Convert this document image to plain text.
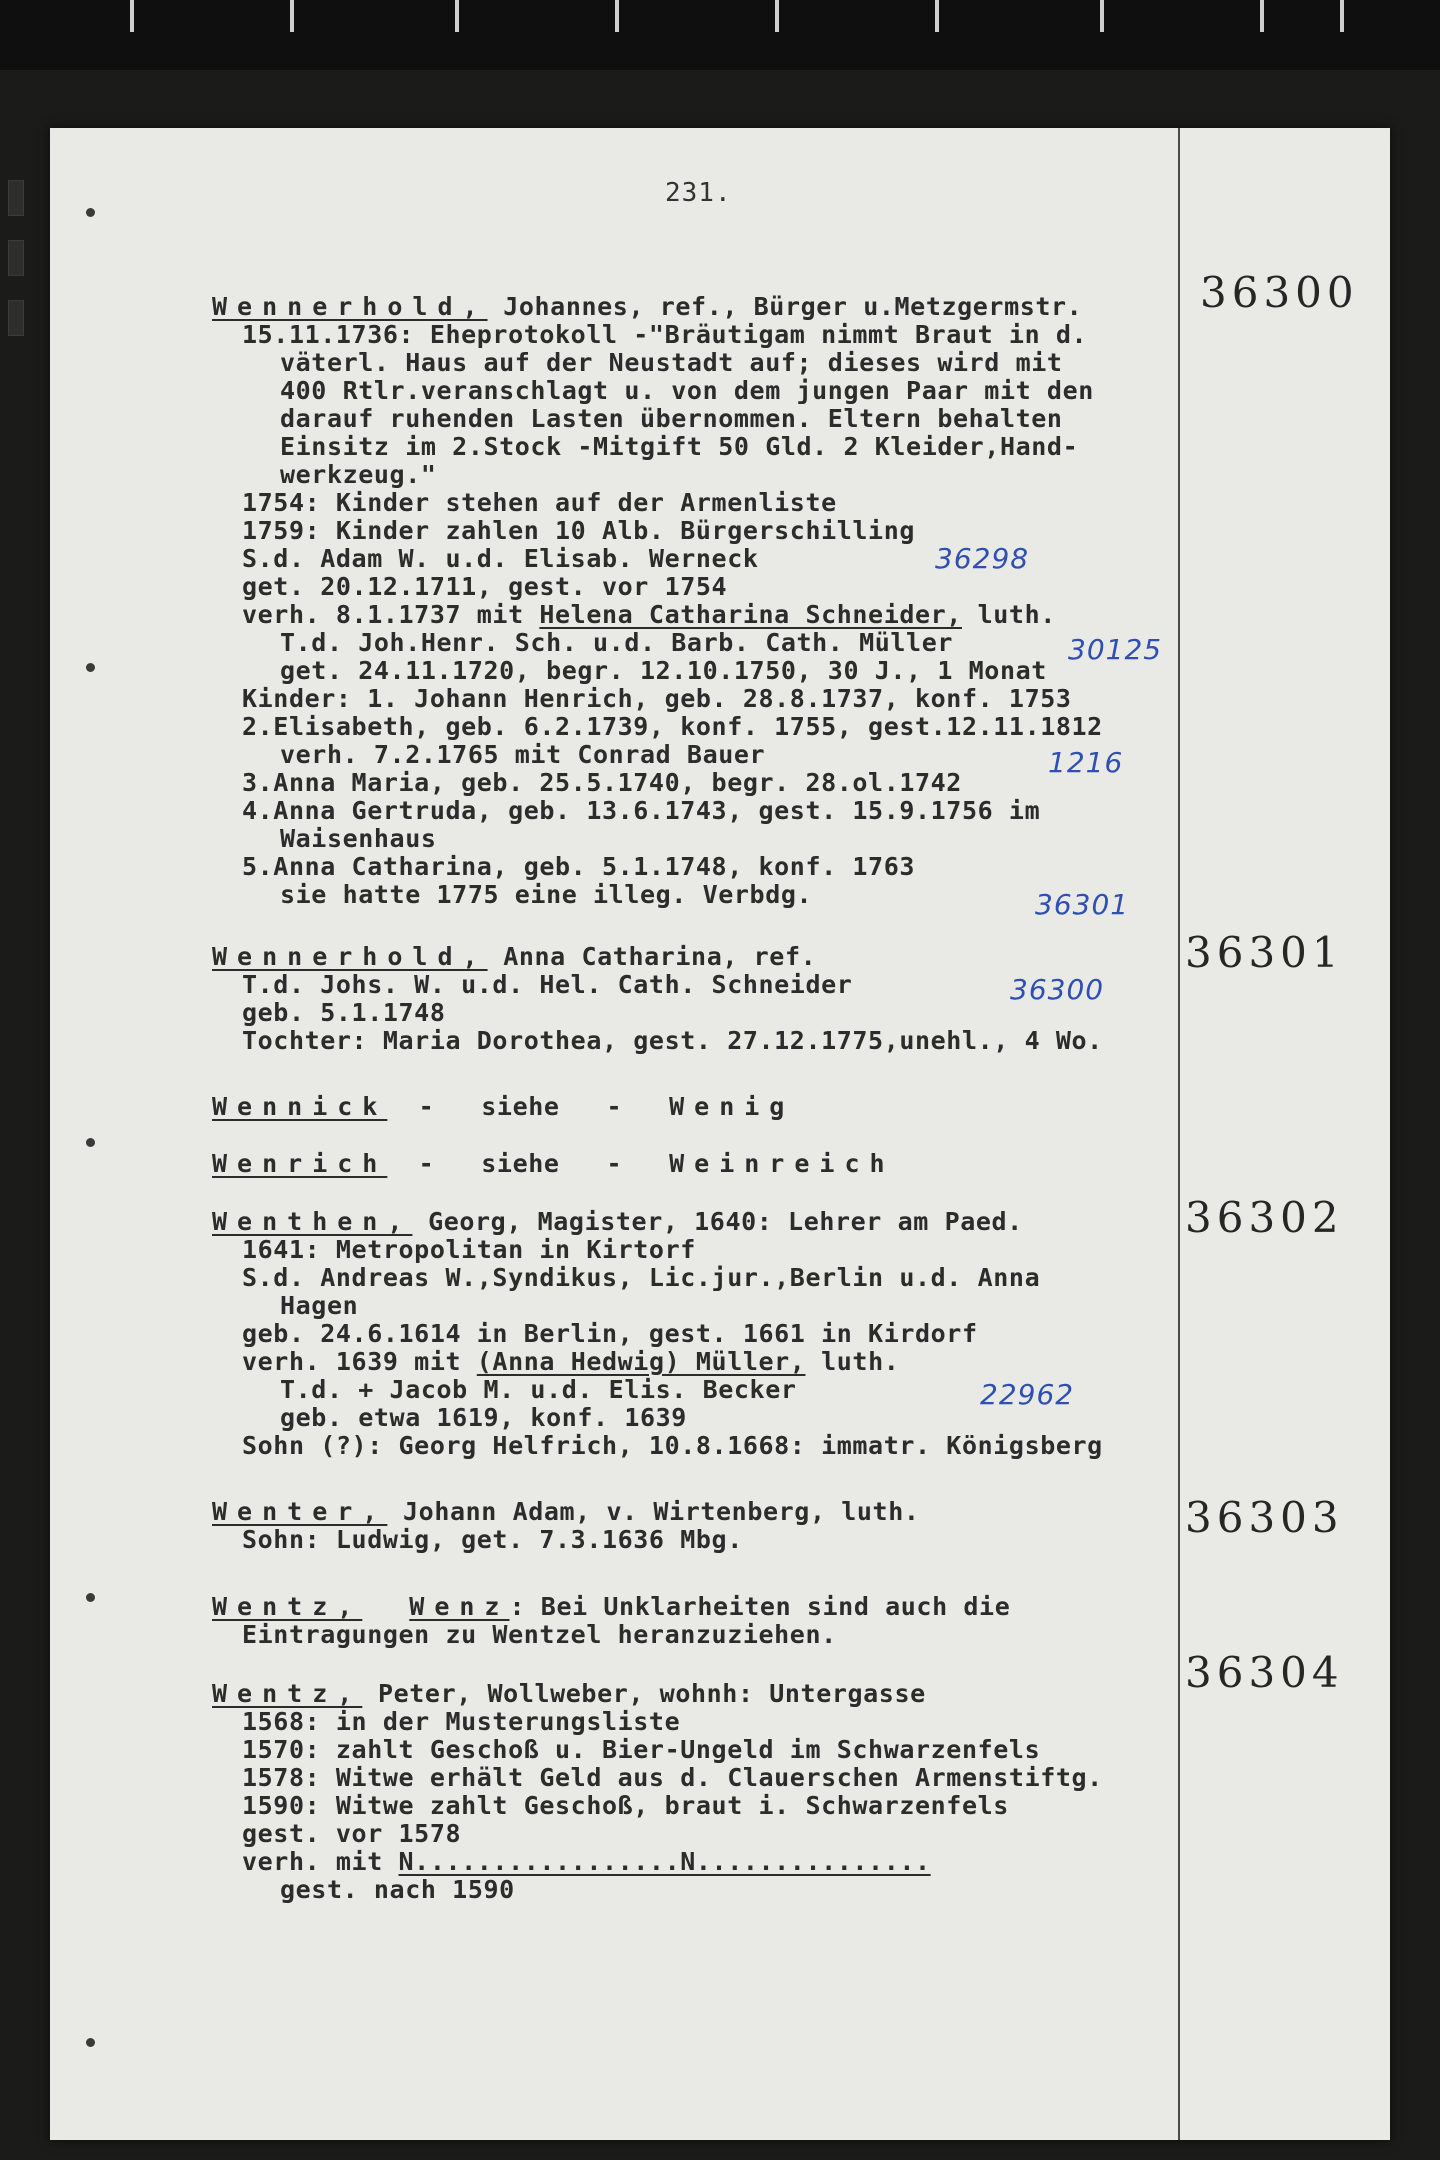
231.
Wennerhold, Johannes, ref., Bürger u.Metzgermstr.
15.11.1736: Eheprotokoll -"Bräutigam nimmt Braut in d.
väterl. Haus auf der Neustadt auf; dieses wird mit
400 Rtlr.veranschlagt u. von dem jungen Paar mit den
darauf ruhenden Lasten übernommen. Eltern behalten
Einsitz im 2.Stock -Mitgift 50 Gld. 2 Kleider,Hand-
werkzeug."
1754: Kinder stehen auf der Armenliste
1759: Kinder zahlen 10 Alb. Bürgerschilling
S.d. Adam W. u.d. Elisab. Werneck
get. 20.12.1711, gest. vor 1754
verh. 8.1.1737 mit Helena Catharina Schneider, luth.
T.d. Joh.Henr. Sch. u.d. Barb. Cath. Müller
get. 24.11.1720, begr. 12.10.1750, 30 J., 1 Monat
Kinder: 1. Johann Henrich, geb. 28.8.1737, konf. 1753
2.Elisabeth, geb. 6.2.1739, konf. 1755, gest.12.11.1812
verh. 7.2.1765 mit Conrad Bauer
3.Anna Maria, geb. 25.5.1740, begr. 28.ol.1742
4.Anna Gertruda, geb. 13.6.1743, gest. 15.9.1756 im
Waisenhaus
5.Anna Catharina, geb. 5.1.1748, konf. 1763
sie hatte 1775 eine illeg. Verbdg.
Wennerhold, Anna Catharina, ref.
T.d. Johs. W. u.d. Hel. Cath. Schneider
geb. 5.1.1748
Tochter: Maria Dorothea, gest. 27.12.1775,unehl., 4 Wo.
Wennick  -   siehe   -   Wenig
Wenrich  -   siehe   -   Weinreich
Wenthen, Georg, Magister, 1640: Lehrer am Paed.
1641: Metropolitan in Kirtorf
S.d. Andreas W.,Syndikus, Lic.jur.,Berlin u.d. Anna
Hagen
geb. 24.6.1614 in Berlin, gest. 1661 in Kirdorf
verh. 1639 mit (Anna Hedwig) Müller, luth.
T.d. + Jacob M. u.d. Elis. Becker
geb. etwa 1619, konf. 1639
Sohn (?): Georg Helfrich, 10.8.1668: immatr. Königsberg
Wenter, Johann Adam, v. Wirtenberg, luth.
Sohn: Ludwig, get. 7.3.1636 Mbg.
Wentz, Wenz: Bei Unklarheiten sind auch die
Eintragungen zu Wentzel heranzuziehen.
Wentz, Peter, Wollweber, wohnh: Untergasse
1568: in der Musterungsliste
1570: zahlt Geschoß u. Bier-Ungeld im Schwarzenfels
1578: Witwe erhält Geld aus d. Clauerschen Armenstiftg.
1590: Witwe zahlt Geschoß, braut i. Schwarzenfels
gest. vor 1578
verh. mit N.................N...............
gest. nach 1590
36300
36301
36302
36303
36304
36298
30125
1216
36301
36300
22962
